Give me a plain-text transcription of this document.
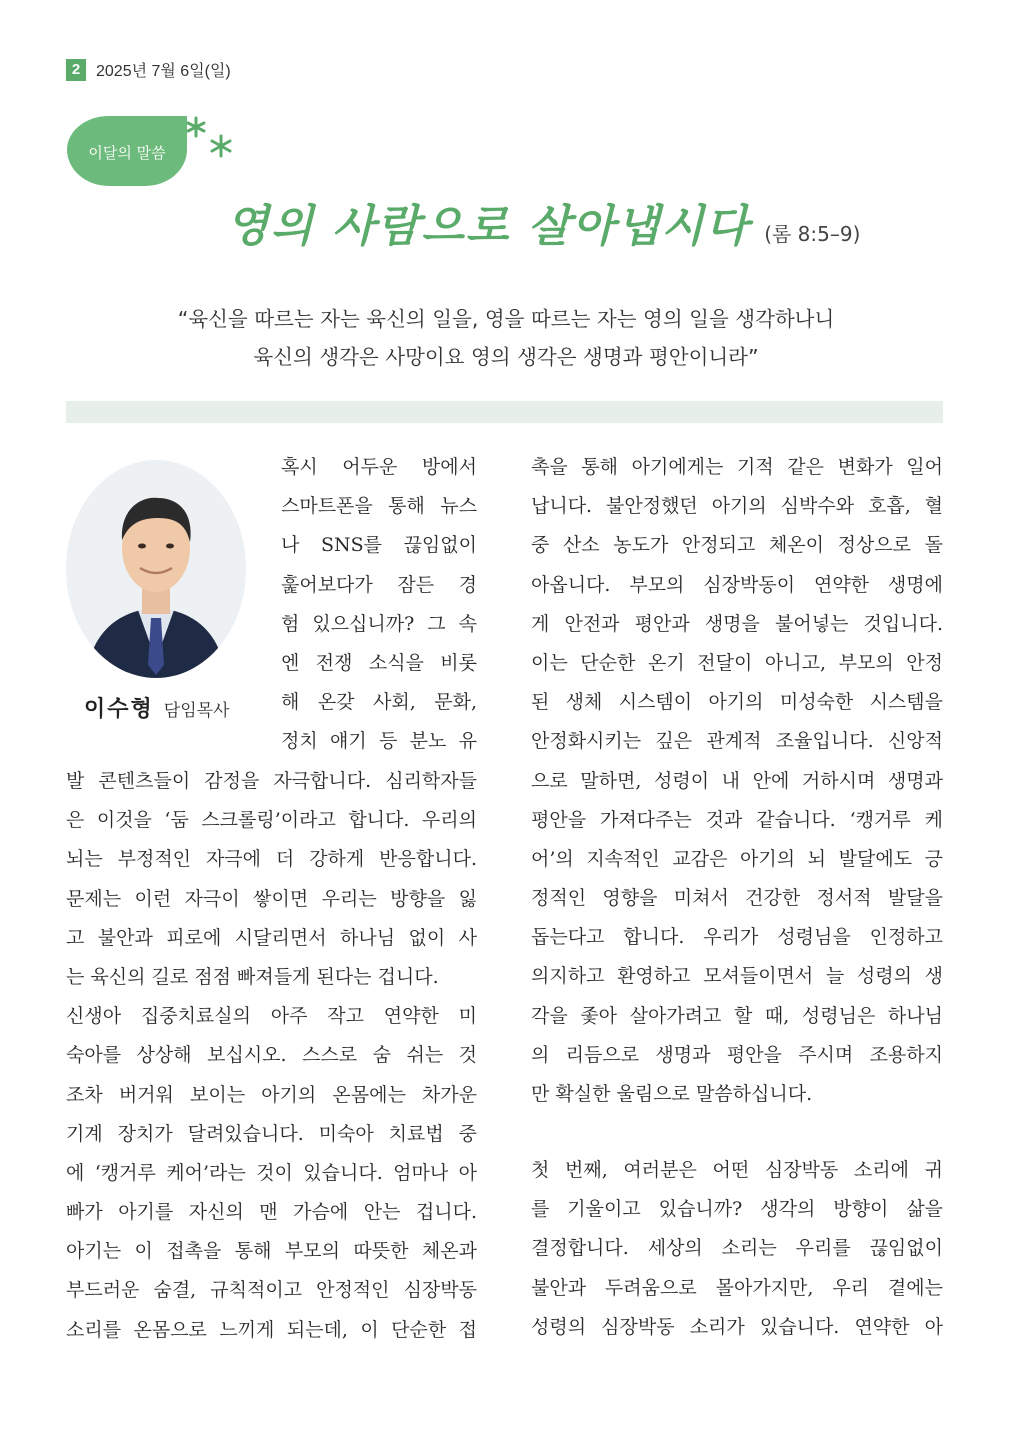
2 2025년 7월 6일(일)
이달의 말씀
영의 사람으로 살아냅시다 (롬 8:5–9)
“육신을 따르는 자는 육신의 일을, 영을 따르는 자는 영의 일을 생각하나니
육신의 생각은 사망이요 영의 생각은 생명과 평안이니라”
이수형 담임목사
혹시 어두운 방에서
스마트폰을 통해 뉴스
나 SNS를 끊임없이
훑어보다가 잠든 경
험 있으십니까? 그 속
엔 전쟁 소식을 비롯
해 온갖 사회, 문화,
정치 얘기 등 분노 유
발 콘텐츠들이 감정을 자극합니다. 심리학자들
은 이것을 ‘둠 스크롤링’이라고 합니다. 우리의
뇌는 부정적인 자극에 더 강하게 반응합니다.
문제는 이런 자극이 쌓이면 우리는 방향을 잃
고 불안과 피로에 시달리면서 하나님 없이 사
는 육신의 길로 점점 빠져들게 된다는 겁니다.
신생아 집중치료실의 아주 작고 연약한 미
숙아를 상상해 보십시오. 스스로 숨 쉬는 것
조차 버거워 보이는 아기의 온몸에는 차가운
기계 장치가 달려있습니다. 미숙아 치료법 중
에 ‘캥거루 케어’라는 것이 있습니다. 엄마나 아
빠가 아기를 자신의 맨 가슴에 안는 겁니다.
아기는 이 접촉을 통해 부모의 따뜻한 체온과
부드러운 숨결, 규칙적이고 안정적인 심장박동
소리를 온몸으로 느끼게 되는데, 이 단순한 접
촉을 통해 아기에게는 기적 같은 변화가 일어
납니다. 불안정했던 아기의 심박수와 호흡, 혈
중 산소 농도가 안정되고 체온이 정상으로 돌
아옵니다. 부모의 심장박동이 연약한 생명에
게 안전과 평안과 생명을 불어넣는 것입니다.
이는 단순한 온기 전달이 아니고, 부모의 안정
된 생체 시스템이 아기의 미성숙한 시스템을
안정화시키는 깊은 관계적 조율입니다. 신앙적
으로 말하면, 성령이 내 안에 거하시며 생명과
평안을 가져다주는 것과 같습니다. ‘캥거루 케
어’의 지속적인 교감은 아기의 뇌 발달에도 긍
정적인 영향을 미쳐서 건강한 정서적 발달을
돕는다고 합니다. 우리가 성령님을 인정하고
의지하고 환영하고 모셔들이면서 늘 성령의 생
각을 좇아 살아가려고 할 때, 성령님은 하나님
의 리듬으로 생명과 평안을 주시며 조용하지
만 확실한 울림으로 말씀하십니다.
첫 번째, 여러분은 어떤 심장박동 소리에 귀
를 기울이고 있습니까? 생각의 방향이 삶을
결정합니다. 세상의 소리는 우리를 끊임없이
불안과 두려움으로 몰아가지만, 우리 곁에는
성령의 심장박동 소리가 있습니다. 연약한 아
